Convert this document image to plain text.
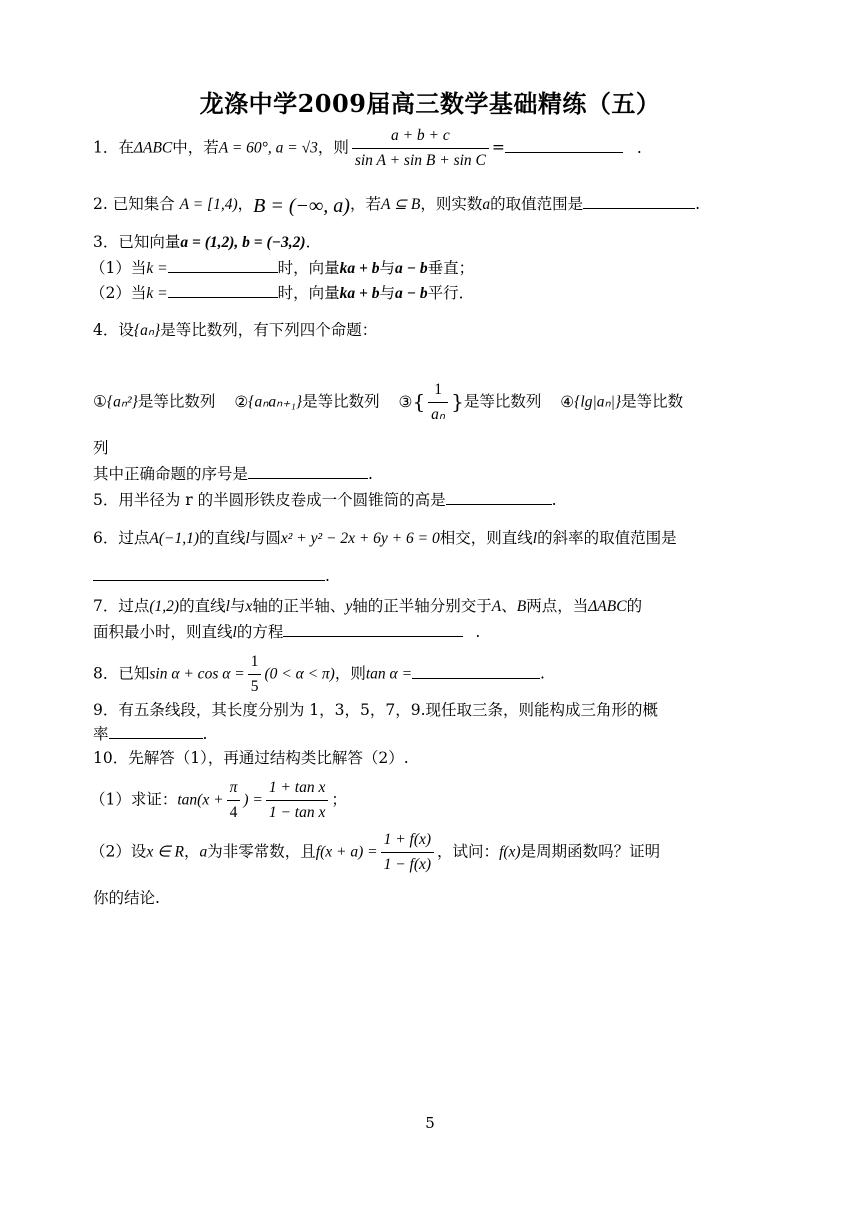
龙涤中学2009届高三数学基础精练（五）
1．在ΔABC中，若A = 60°, a = √3，则 $\frac{a + b + c}{\text{sin A + sin B + sin C}}$ =	.
2. 已知集合 A = [1,4)，B = (−∞, a)，若A ⊆ B，则实数a的取值范围是	.
3．已知向量a = (1,2), b = (−3,2)．
（1）当k =	时，向量ka + b与a − b垂直；
（2）当k =	时，向量ka + b与a − b平行．
4．设{aₙ}是等比数列，有下列四个命题：
①{aₙ²}是等比数列 ②{aₙaₙ₊₁}是等比数列 ③{ $\frac{1}{\text{aₙ}}$ }是等比数列 ④{lg|aₙ|}是等比数
列
其中正确命题的序号是	.
5．用半径为 r 的半圆形铁皮卷成一个圆锥筒的高是	.
6．过点A(−1,1)的直线l与圆x² + y² − 2x + 6y + 6 = 0相交，则直线l的斜率的取值范围是
.
7．过点(1,2)的直线l与x轴的正半轴、y轴的正半轴分别交于A、B两点，当ΔABC的
面积最小时，则直线l的方程	.
8．已知$\sin \alpha + \cos \alpha = \frac{1}{5} (0 < \alpha < \pi)$，则tan α =	.
9．有五条线段，其长度分别为 1，3，5，7，9.现任取三条，则能构成三角形的概
率	.
10．先解答（1），再通过结构类比解答（2）.
（1）求证：$\tan(x + \frac{\pi}{4}$ ) = $\frac{\text{1 + tan x}}{\text{1 − tan x}}$ ；
（2）设x ∈ R，a为非零常数，且$f(x + a) = \frac{1 + f(x)}{1 - f(x)}$ ，试问：f(x)是周期函数吗？证明
你的结论.
5
